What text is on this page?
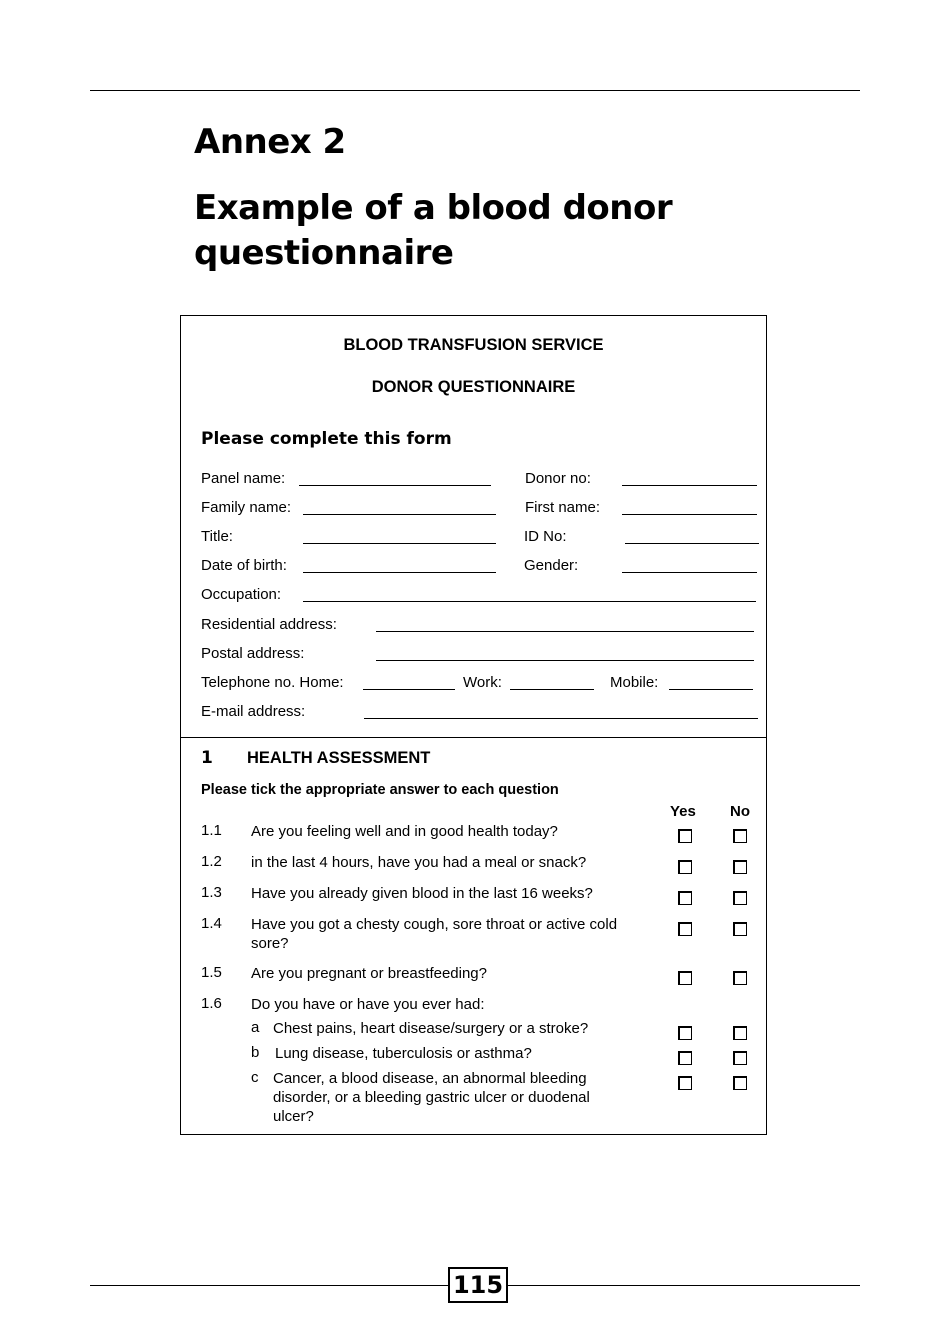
Annex 2
Example of a blood donor
questionnaire
BLOOD TRANSFUSION SERVICE
DONOR QUESTIONNAIRE
Please complete this form
Panel name:	Donor no:
Family name:	First name:
Title:	ID No:
Date of birth:	Gender:
Occupation:
Residential address:
Postal address:
Telephone no. Home:	Work:	Mobile:
E-mail address:
1 HEALTH ASSESSMENT
Please tick the appropriate answer to each question
Yes No
1.1 Are you feeling well and in good health today?
1.2 in the last 4 hours, have you had a meal or snack?
1.3 Have you already given blood in the last 16 weeks?
1.4 Have you got a chesty cough, sore throat or active cold sore?
1.5 Are you pregnant or breastfeeding?
1.6 Do you have or have you ever had:
a Chest pains, heart disease/surgery or a stroke?
b Lung disease, tuberculosis or asthma?
c Cancer, a blood disease, an abnormal bleeding disorder, or a bleeding gastric ulcer or duodenal ulcer?
115
